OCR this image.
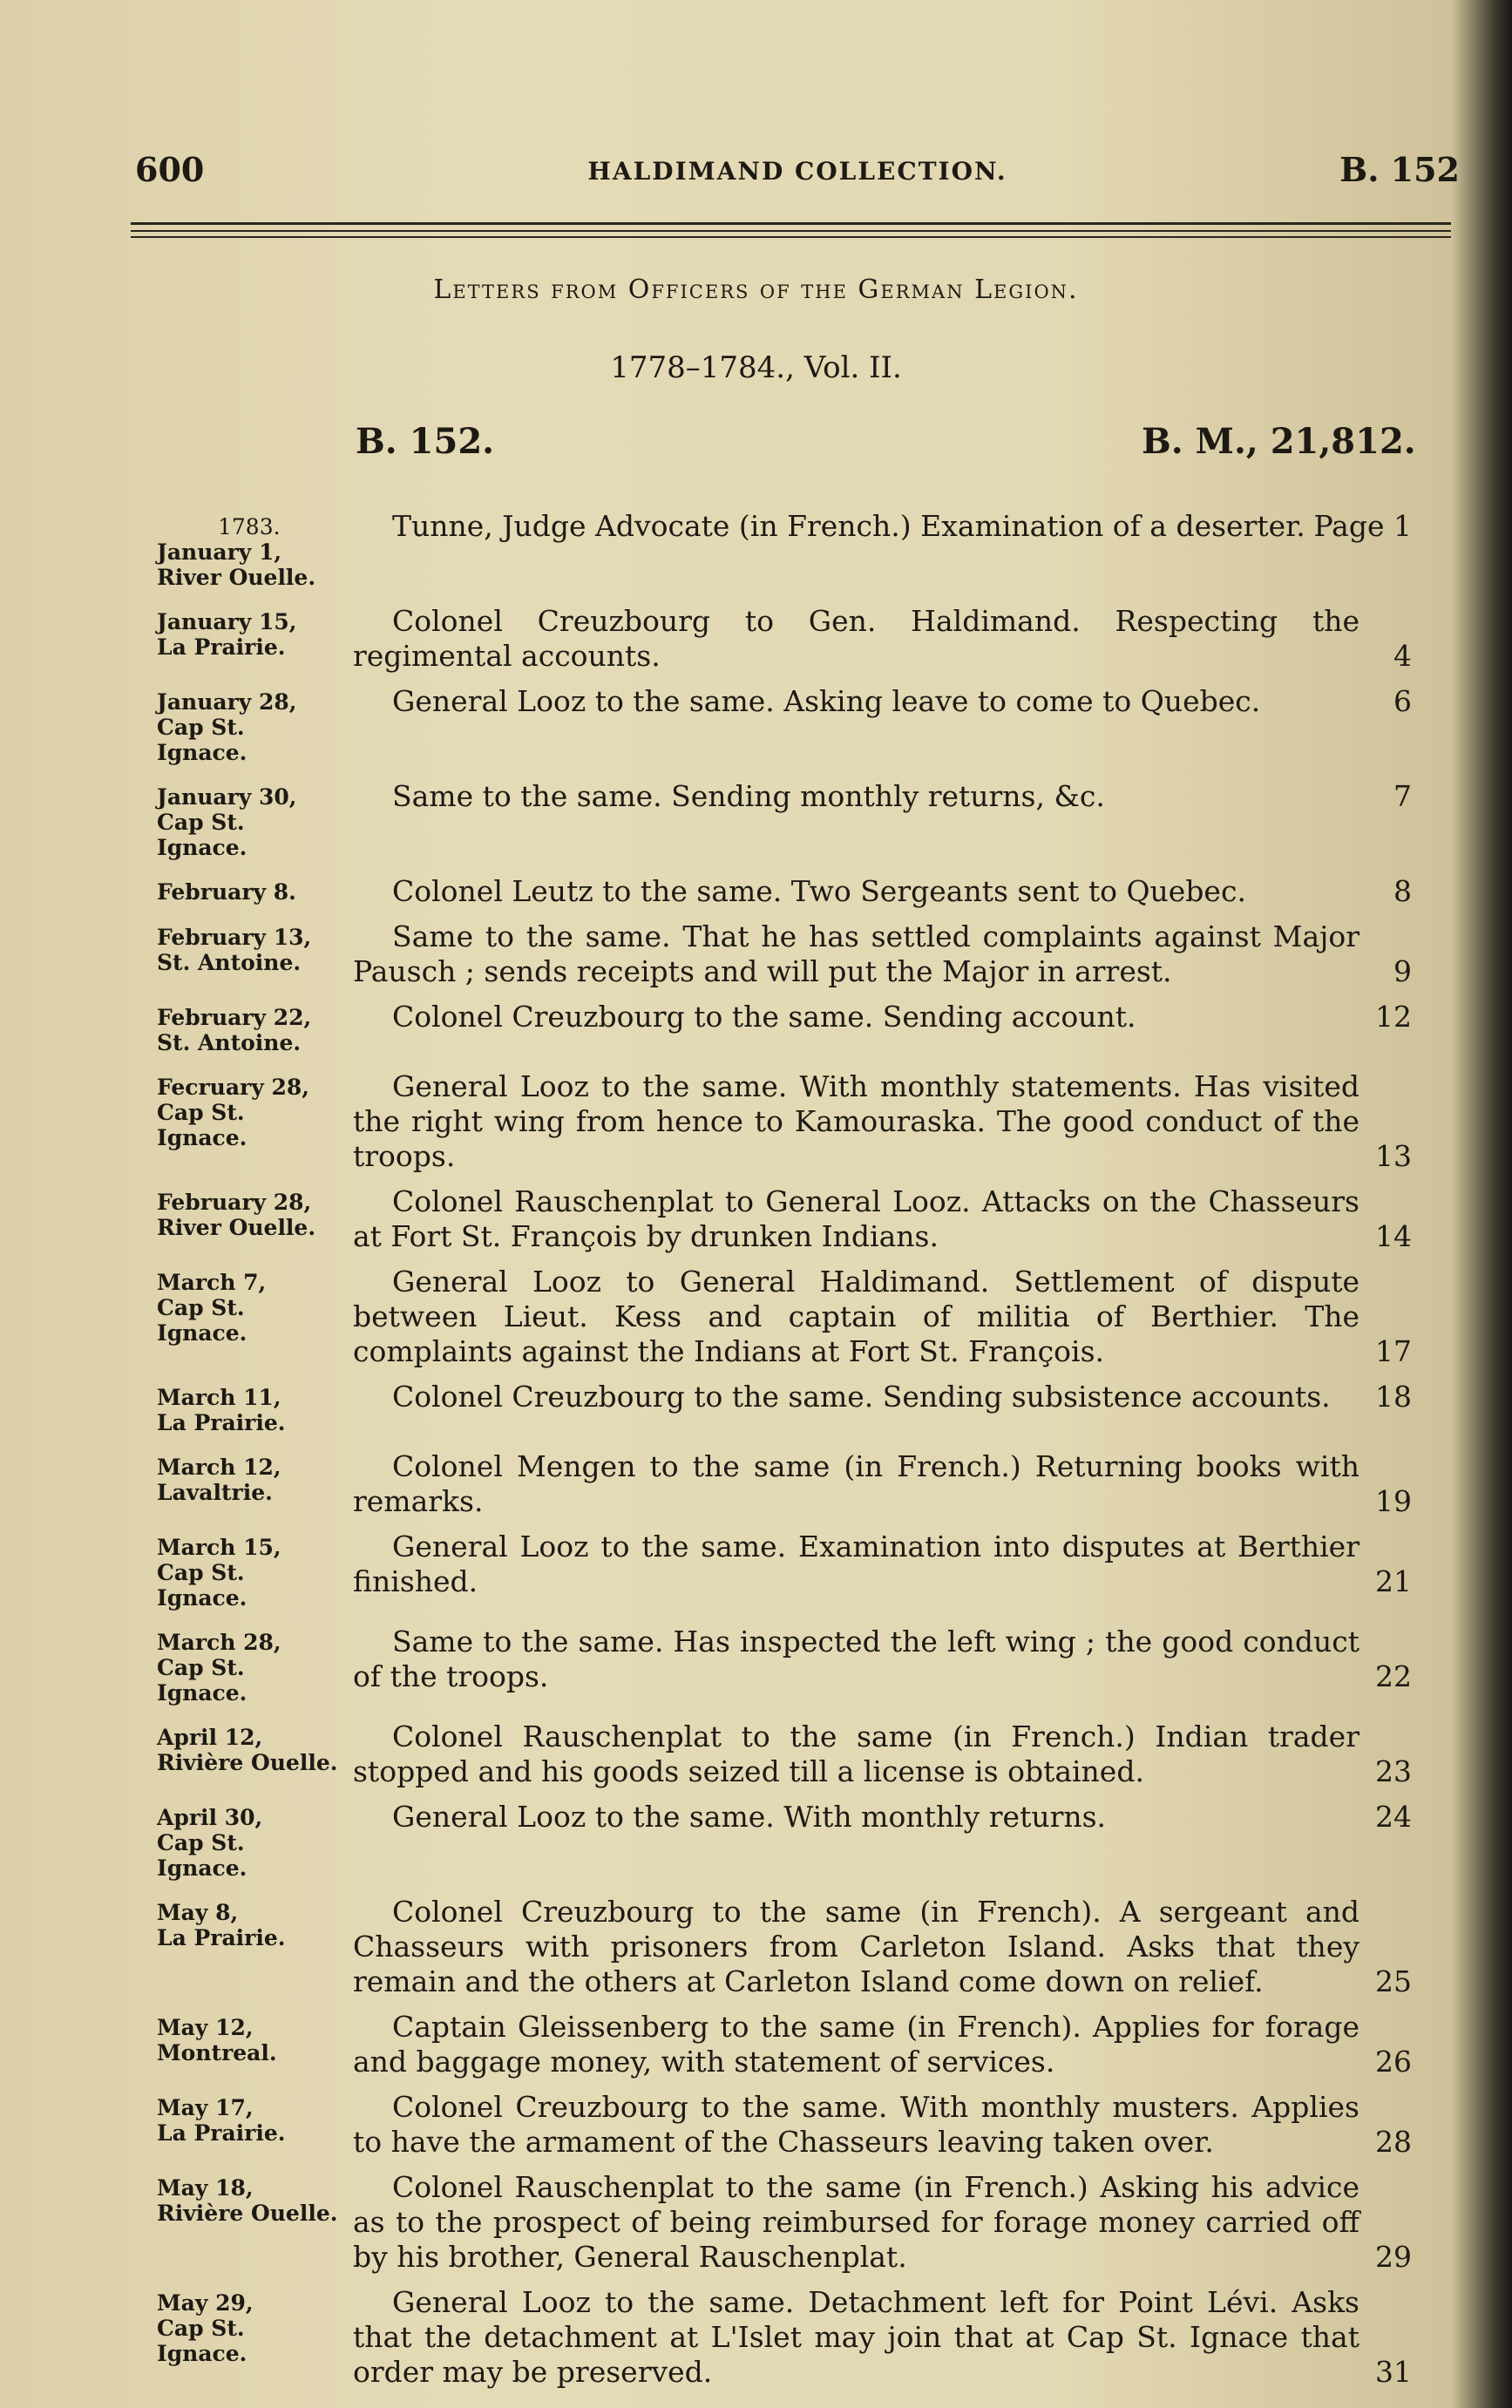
600	HALDIMAND COLLECTION.	B. 152
Letters from Officers of the German Legion.
1778–1784., Vol. II.
B. 152.	B. M., 21,812.
1783.
January 1,
River Ouelle.
Tunne, Judge Advocate (in French.) Examination of a deserter. Page 1
January 15,
La Prairie.
Colonel Creuzbourg to Gen. Haldimand. Respecting the regimental accounts.	4
January 28,
Cap St. Ignace.
General Looz to the same. Asking leave to come to Quebec.	6
January 30,
Cap St. Ignace.
Same to the same. Sending monthly returns, &c.	7
February 8.	Colonel Leutz to the same. Two Sergeants sent to Quebec.	8
February 13,
St. Antoine.
Same to the same. That he has settled complaints against Major Pausch ; sends receipts and will put the Major in arrest.	9
February 22,
St. Antoine.
Colonel Creuzbourg to the same. Sending account.	12
Fecruary 28,
Cap St. Ignace.
General Looz to the same. With monthly statements. Has visited the right wing from hence to Kamouraska. The good conduct of the troops.	13
February 28,
River Ouelle.
Colonel Rauschenplat to General Looz. Attacks on the Chasseurs at Fort St. François by drunken Indians.	14
March 7,
Cap St. Ignace.
General Looz to General Haldimand. Settlement of dispute between Lieut. Kess and captain of militia of Berthier. The complaints against the Indians at Fort St. François.	17
March 11,
La Prairie.
Colonel Creuzbourg to the same. Sending subsistence accounts.	18
March 12,
Lavaltrie.
Colonel Mengen to the same (in French.) Returning books with remarks.	19
March 15,
Cap St. Ignace.
General Looz to the same. Examination into disputes at Berthier finished.	21
March 28,
Cap St. Ignace.
Same to the same. Has inspected the left wing ; the good conduct of the troops.	22
April 12,
Rivière Ouelle.
Colonel Rauschenplat to the same (in French.) Indian trader stopped and his goods seized till a license is obtained.	23
April 30,
Cap St. Ignace.
General Looz to the same. With monthly returns.	24
May 8,
La Prairie.
Colonel Creuzbourg to the same (in French). A sergeant and Chasseurs with prisoners from Carleton Island. Asks that they remain and the others at Carleton Island come down on relief.	25
May 12,
Montreal.
Captain Gleissenberg to the same (in French). Applies for forage and baggage money, with statement of services.	26
May 17,
La Prairie.
Colonel Creuzbourg to the same. With monthly musters. Applies to have the armament of the Chasseurs leaving taken over.	28
May 18,
Rivière Ouelle.
Colonel Rauschenplat to the same (in French.) Asking his advice as to the prospect of being reimbursed for forage money carried off by his brother, General Rauschenplat.	29
May 29,
Cap St. Ignace.
General Looz to the same. Detachment left for Point Lévi. Asks that the detachment at L'Islet may join that at Cap St. Ignace that order may be preserved.	31
